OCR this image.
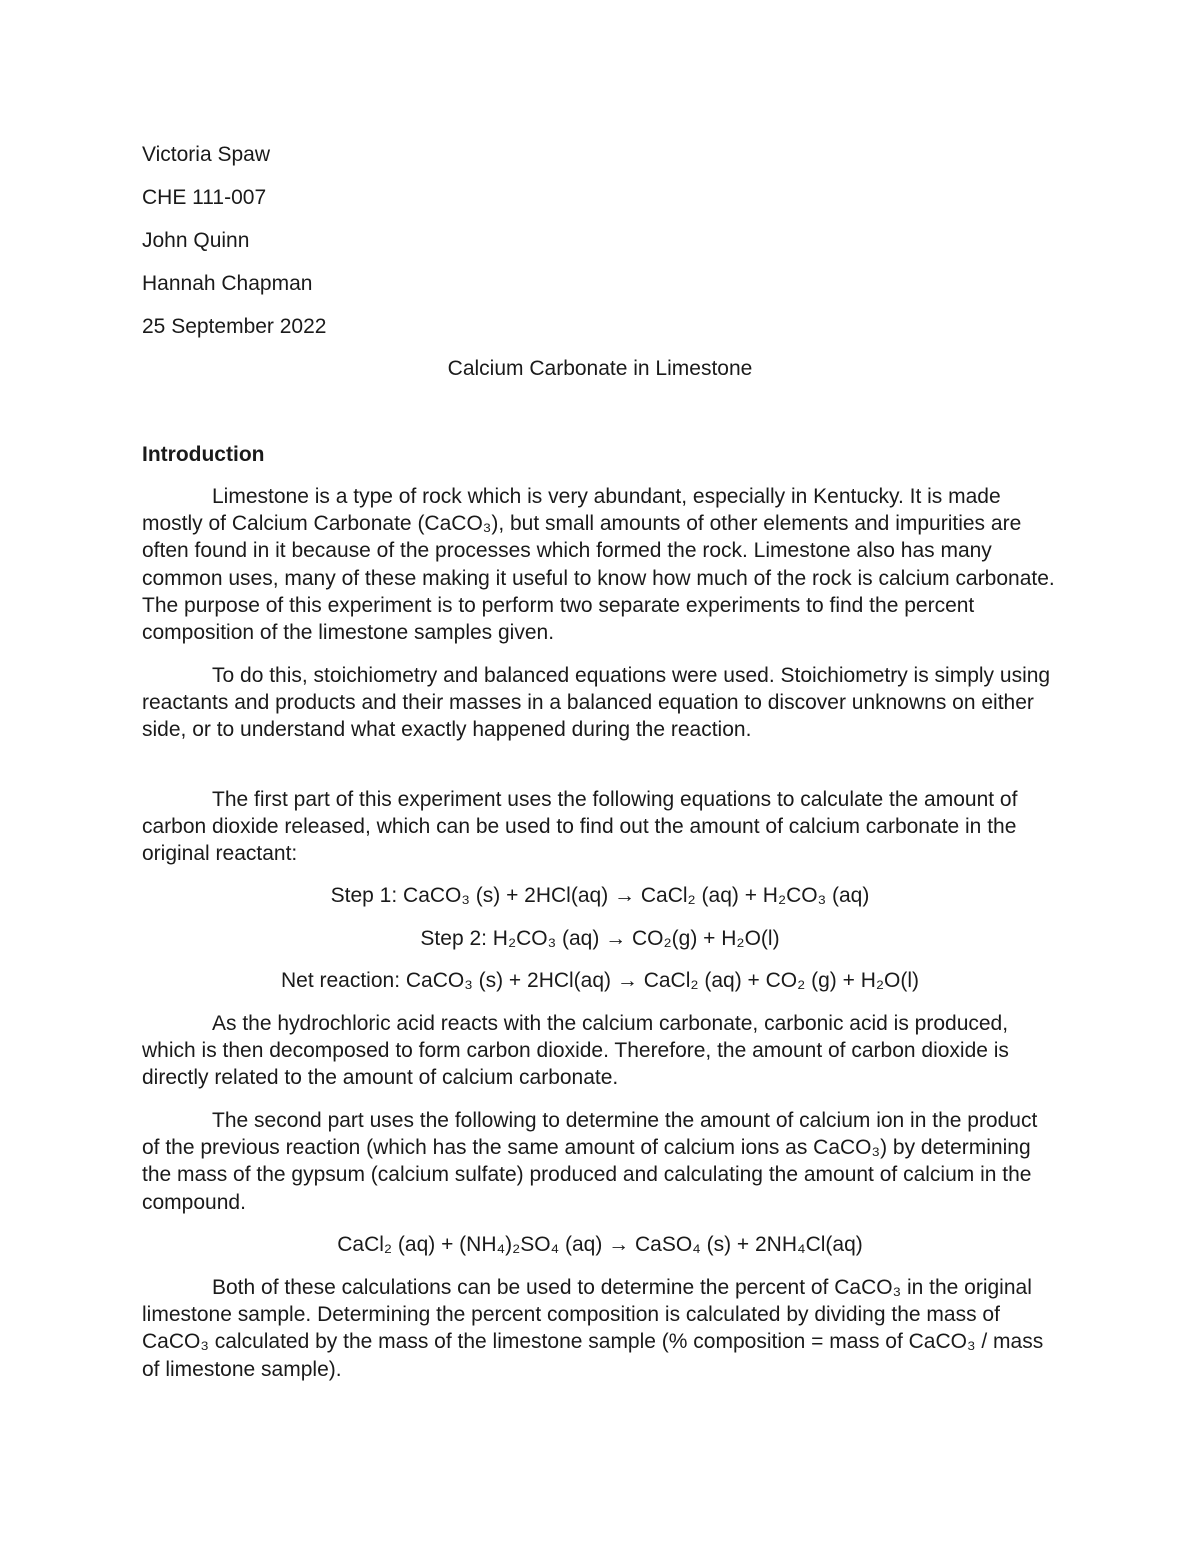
Victoria Spaw
CHE 111-007
John Quinn
Hannah Chapman
25 September 2022
Calcium Carbonate in Limestone
Introduction

Limestone is a type of rock which is very abundant, especially in Kentucky. It is made mostly of Calcium Carbonate (CaCO₃), but small amounts of other elements and impurities are often found in it because of the processes which formed the rock. Limestone also has many common uses, many of these making it useful to know how much of the rock is calcium carbonate. The purpose of this experiment is to perform two separate experiments to find the percent composition of the limestone samples given.

To do this, stoichiometry and balanced equations were used. Stoichiometry is simply using reactants and products and their masses in a balanced equation to discover unknowns on either side, or to understand what exactly happened during the reaction.

The first part of this experiment uses the following equations to calculate the amount of carbon dioxide released, which can be used to find out the amount of calcium carbonate in the original reactant:

Step 1: CaCO₃ (s) + 2HCl(aq) → CaCl₂ (aq) + H₂CO₃ (aq)
Step 2: H₂CO₃ (aq) → CO₂(g) + H₂O(l)
Net reaction: CaCO₃ (s) + 2HCl(aq) → CaCl₂ (aq) + CO₂ (g) + H₂O(l)

As the hydrochloric acid reacts with the calcium carbonate, carbonic acid is produced, which is then decomposed to form carbon dioxide. Therefore, the amount of carbon dioxide is directly related to the amount of calcium carbonate.

The second part uses the following to determine the amount of calcium ion in the product of the previous reaction (which has the same amount of calcium ions as CaCO₃) by determining the mass of the gypsum (calcium sulfate) produced and calculating the amount of calcium in the compound.

CaCl₂ (aq) + (NH₄)₂SO₄ (aq) → CaSO₄ (s) + 2NH₄Cl(aq)

Both of these calculations can be used to determine the percent of CaCO₃ in the original limestone sample. Determining the percent composition is calculated by dividing the mass of CaCO₃ calculated by the mass of the limestone sample (% composition = mass of CaCO₃ / mass of limestone sample).
